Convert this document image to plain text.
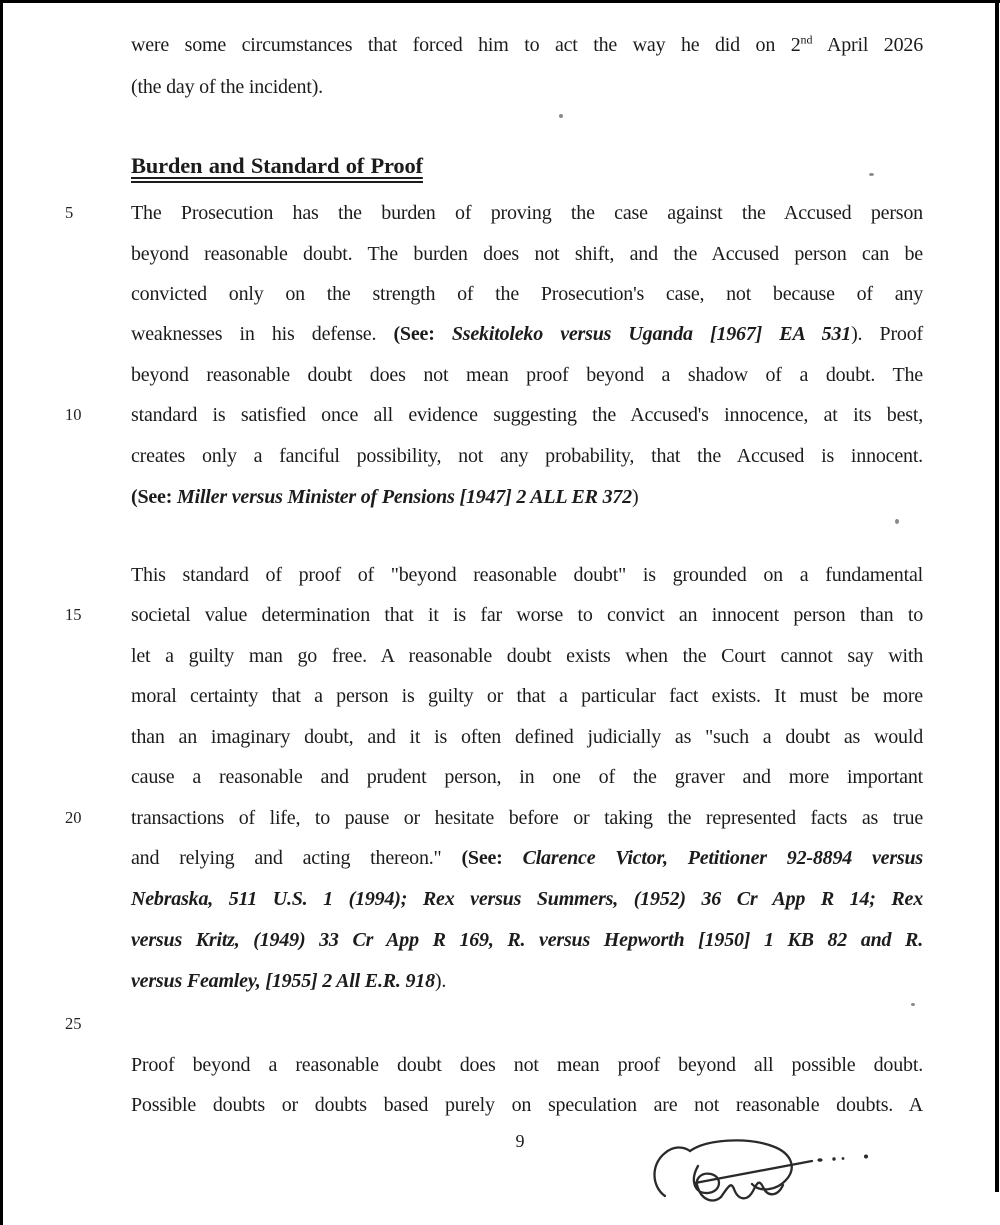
were some circumstances that forced him to act the way he did on 2nd April 2026
(the day of the incident).
Burden and Standard of Proof
5	The Prosecution has the burden of proving the case against the Accused person
beyond reasonable doubt. The burden does not shift, and the Accused person can be
convicted only on the strength of the Prosecution's case, not because of any
weaknesses in his defense. (See: Ssekitoleko versus Uganda [1967] EA 531). Proof
beyond reasonable doubt does not mean proof beyond a shadow of a doubt. The
10	standard is satisfied once all evidence suggesting the Accused's innocence, at its best,
creates only a fanciful possibility, not any probability, that the Accused is innocent.
(See: Miller versus Minister of Pensions [1947] 2 ALL ER 372)
This standard of proof of "beyond reasonable doubt" is grounded on a fundamental
15	societal value determination that it is far worse to convict an innocent person than to
let a guilty man go free. A reasonable doubt exists when the Court cannot say with
moral certainty that a person is guilty or that a particular fact exists. It must be more
than an imaginary doubt, and it is often defined judicially as "such a doubt as would
cause a reasonable and prudent person, in one of the graver and more important
20	transactions of life, to pause or hesitate before or taking the represented facts as true
and relying and acting thereon." (See: Clarence Victor, Petitioner 92-8894 versus
Nebraska, 511 U.S. 1 (1994); Rex versus Summers, (1952) 36 Cr App R 14; Rex
versus Kritz, (1949) 33 Cr App R 169, R. versus Hepworth [1950] 1 KB 82 and R.
versus Feamley, [1955] 2 All E.R. 918).
25
Proof beyond a reasonable doubt does not mean proof beyond all possible doubt.
Possible doubts or doubts based purely on speculation are not reasonable doubts. A
9
